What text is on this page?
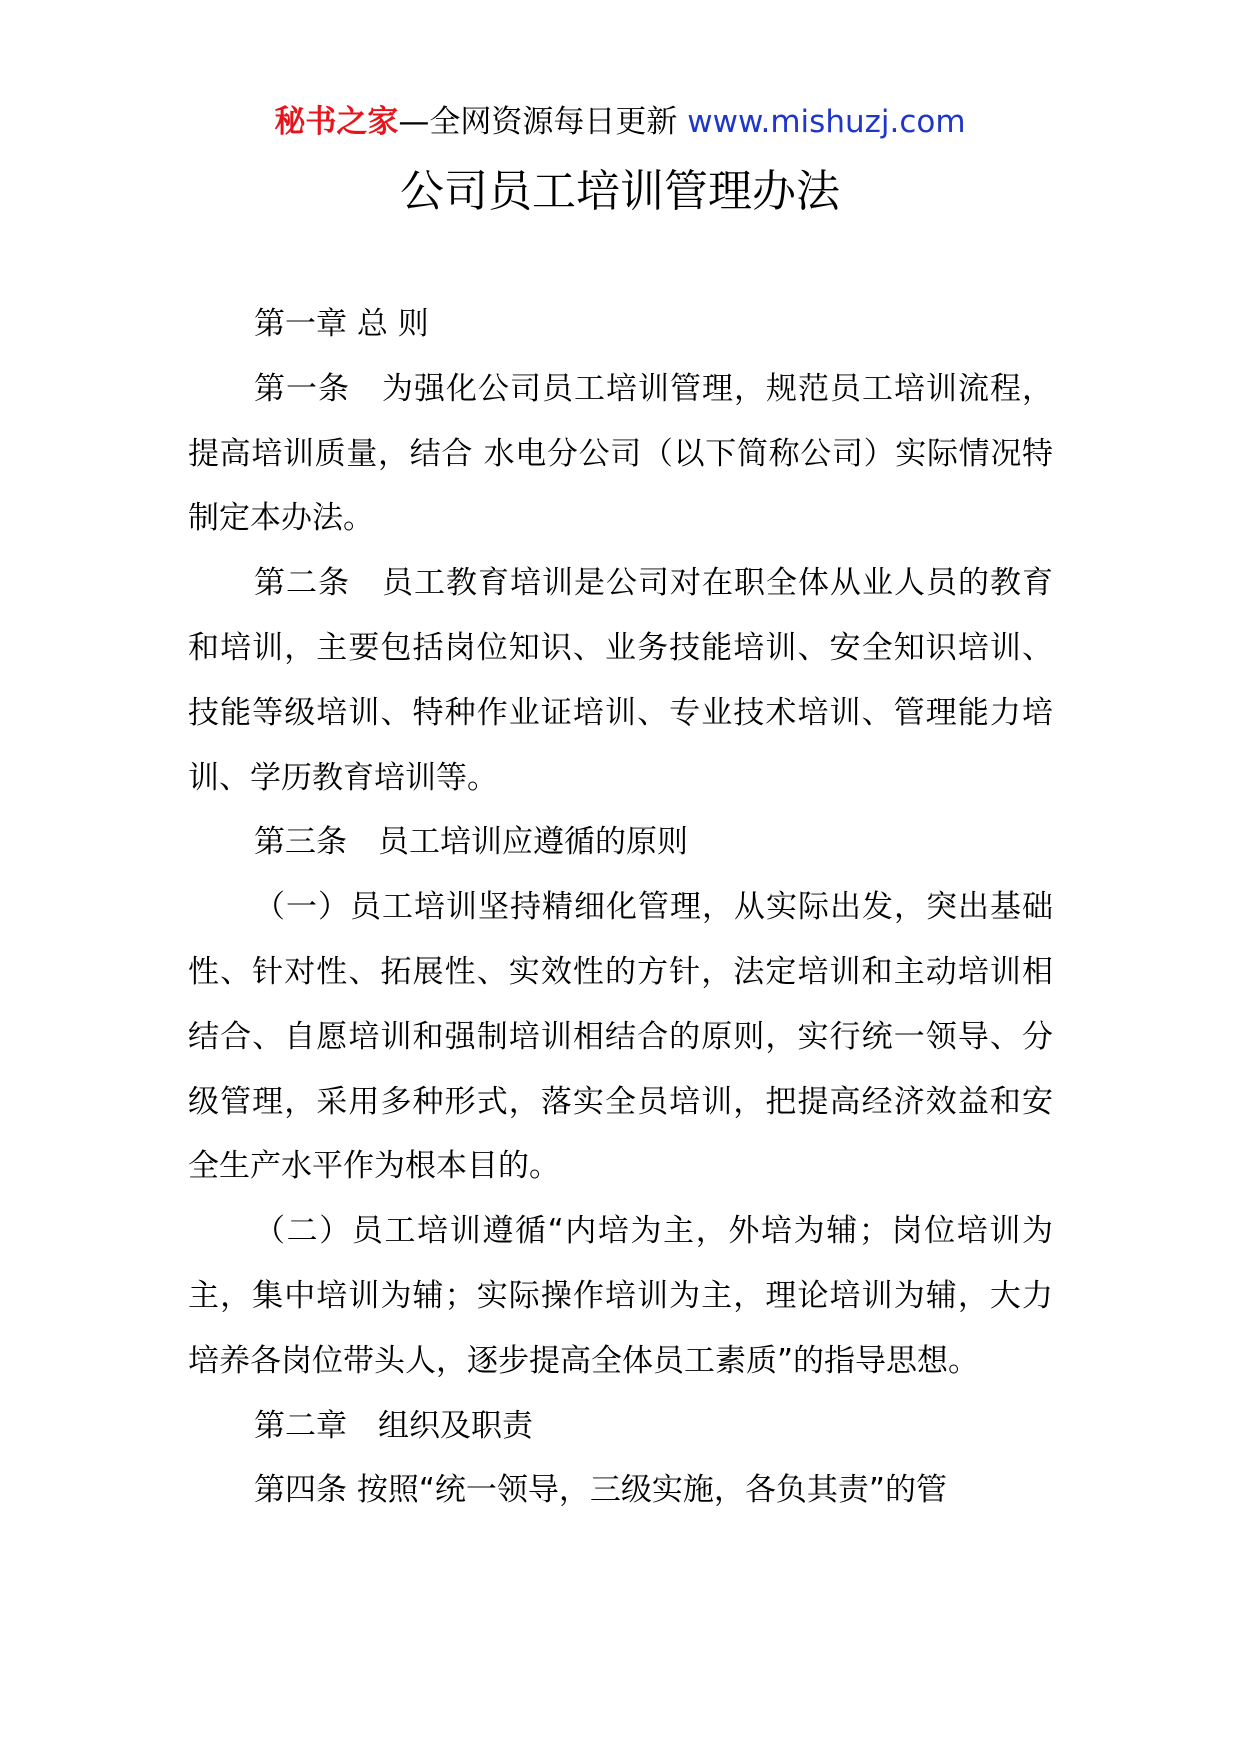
秘书之家—全网资源每日更新 www.mishuzj.com
公司员工培训管理办法

第一章 总 则

第一条　为强化公司员工培训管理，规范员工培训流程，提高培训质量，结合 水电分公司（以下简称公司）实际情况特制定本办法。

第二条　员工教育培训是公司对在职全体从业人员的教育和培训，主要包括岗位知识、业务技能培训、安全知识培训、技能等级培训、特种作业证培训、专业技术培训、管理能力培训、学历教育培训等。

第三条　员工培训应遵循的原则

（一）员工培训坚持精细化管理，从实际出发，突出基础性、针对性、拓展性、实效性的方针，法定培训和主动培训相结合、自愿培训和强制培训相结合的原则，实行统一领导、分级管理，采用多种形式，落实全员培训，把提高经济效益和安全生产水平作为根本目的。

（二）员工培训遵循“内培为主，外培为辅；岗位培训为主，集中培训为辅；实际操作培训为主，理论培训为辅，大力培养各岗位带头人，逐步提高全体员工素质”的指导思想。

第二章　组织及职责

第四条 按照“统一领导，三级实施，各负其责”的管
